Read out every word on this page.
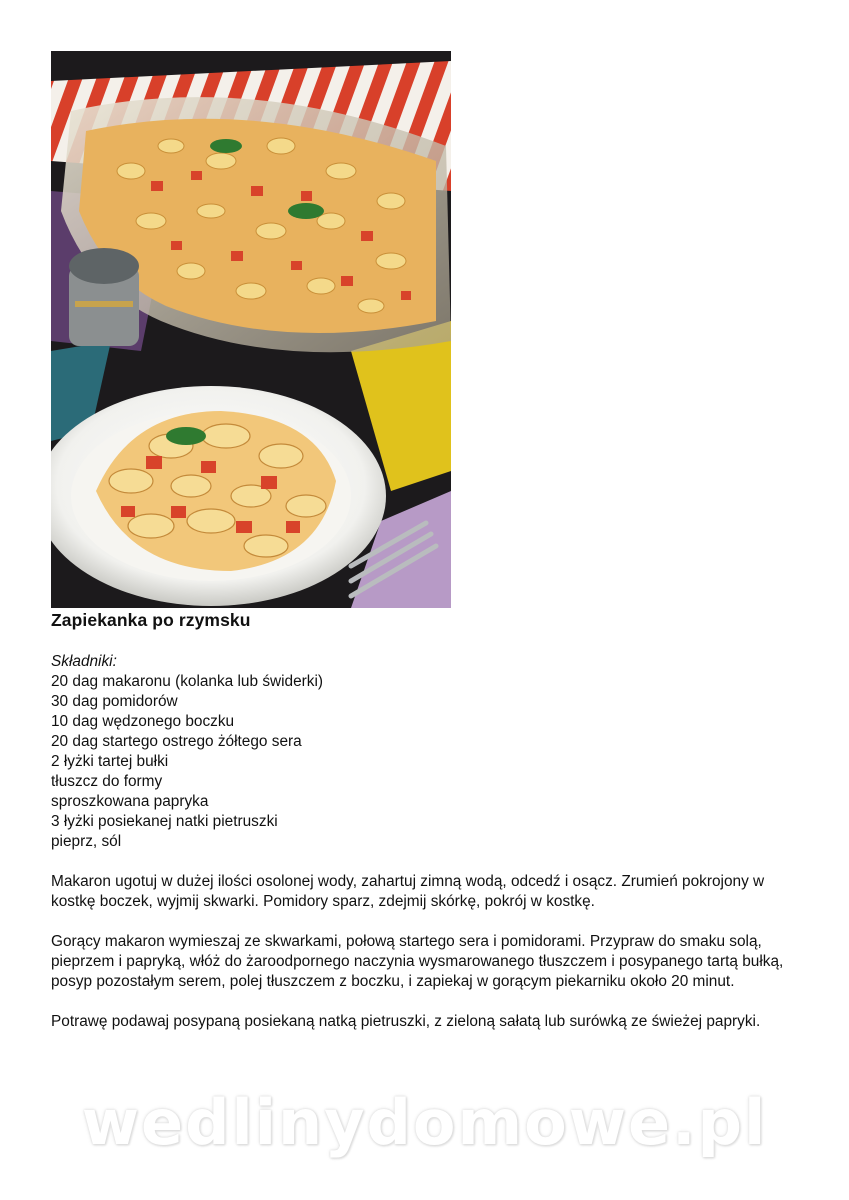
Zapiekanka po rzymsku
Składniki:
20 dag makaronu (kolanka lub świderki)
30 dag pomidorów
10 dag wędzonego boczku
20 dag startego ostrego żółtego sera
2 łyżki tartej bułki
tłuszcz do formy
sproszkowana papryka
3 łyżki posiekanej natki pietruszki
pieprz, sól

Makaron ugotuj w dużej ilości osolonej wody, zahartuj zimną wodą, odcedź i osącz. Zrumień pokrojony w kostkę boczek, wyjmij skwarki. Pomidory sparz, zdejmij skórkę, pokrój w kostkę.

Gorący makaron wymieszaj ze skwarkami, połową startego sera i pomidorami. Przypraw do smaku solą, pieprzem i papryką, włóż do żaroodpornego naczynia wysmarowanego tłuszczem i posypanego tartą bułką, posyp pozostałym serem, polej tłuszczem z boczku, i zapiekaj w gorącym piekarniku około 20 minut.

Potrawę podawaj posypaną posiekaną natką pietruszki, z zieloną sałatą lub surówką ze świeżej papryki.

wedlinydomowe.pl
